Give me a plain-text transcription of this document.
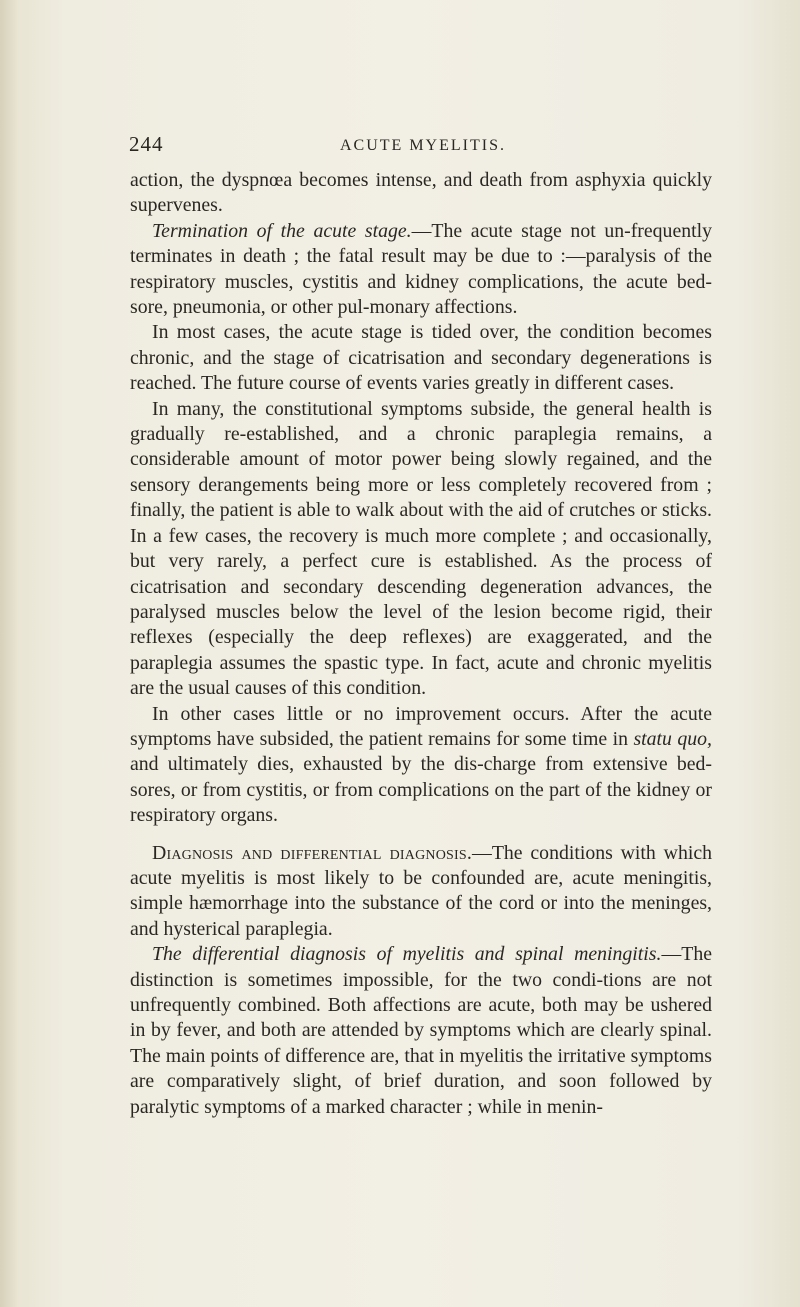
244	ACUTE MYELITIS.

action, the dyspnœa becomes intense, and death from asphyxia quickly supervenes.

Termination of the acute stage.—The acute stage not un-frequently terminates in death ; the fatal result may be due to :—paralysis of the respiratory muscles, cystitis and kidney complications, the acute bed-sore, pneumonia, or other pul-monary affections.

In most cases, the acute stage is tided over, the condition becomes chronic, and the stage of cicatrisation and secondary degenerations is reached. The future course of events varies greatly in different cases.

In many, the constitutional symptoms subside, the general health is gradually re-established, and a chronic paraplegia remains, a considerable amount of motor power being slowly regained, and the sensory derangements being more or less completely recovered from ; finally, the patient is able to walk about with the aid of crutches or sticks. In a few cases, the recovery is much more complete ; and occasionally, but very rarely, a perfect cure is established. As the process of cicatrisation and secondary descending degeneration advances, the paralysed muscles below the level of the lesion become rigid, their reflexes (especially the deep reflexes) are exaggerated, and the paraplegia assumes the spastic type. In fact, acute and chronic myelitis are the usual causes of this condition.

In other cases little or no improvement occurs. After the acute symptoms have subsided, the patient remains for some time in statu quo, and ultimately dies, exhausted by the dis-charge from extensive bed-sores, or from cystitis, or from complications on the part of the kidney or respiratory organs.

Diagnosis and differential diagnosis.—The conditions with which acute myelitis is most likely to be confounded are, acute meningitis, simple hæmorrhage into the substance of the cord or into the meninges, and hysterical paraplegia.

The differential diagnosis of myelitis and spinal meningitis.—The distinction is sometimes impossible, for the two condi-tions are not unfrequently combined. Both affections are acute, both may be ushered in by fever, and both are attended by symptoms which are clearly spinal. The main points of difference are, that in myelitis the irritative symptoms are comparatively slight, of brief duration, and soon followed by paralytic symptoms of a marked character ; while in menin-
